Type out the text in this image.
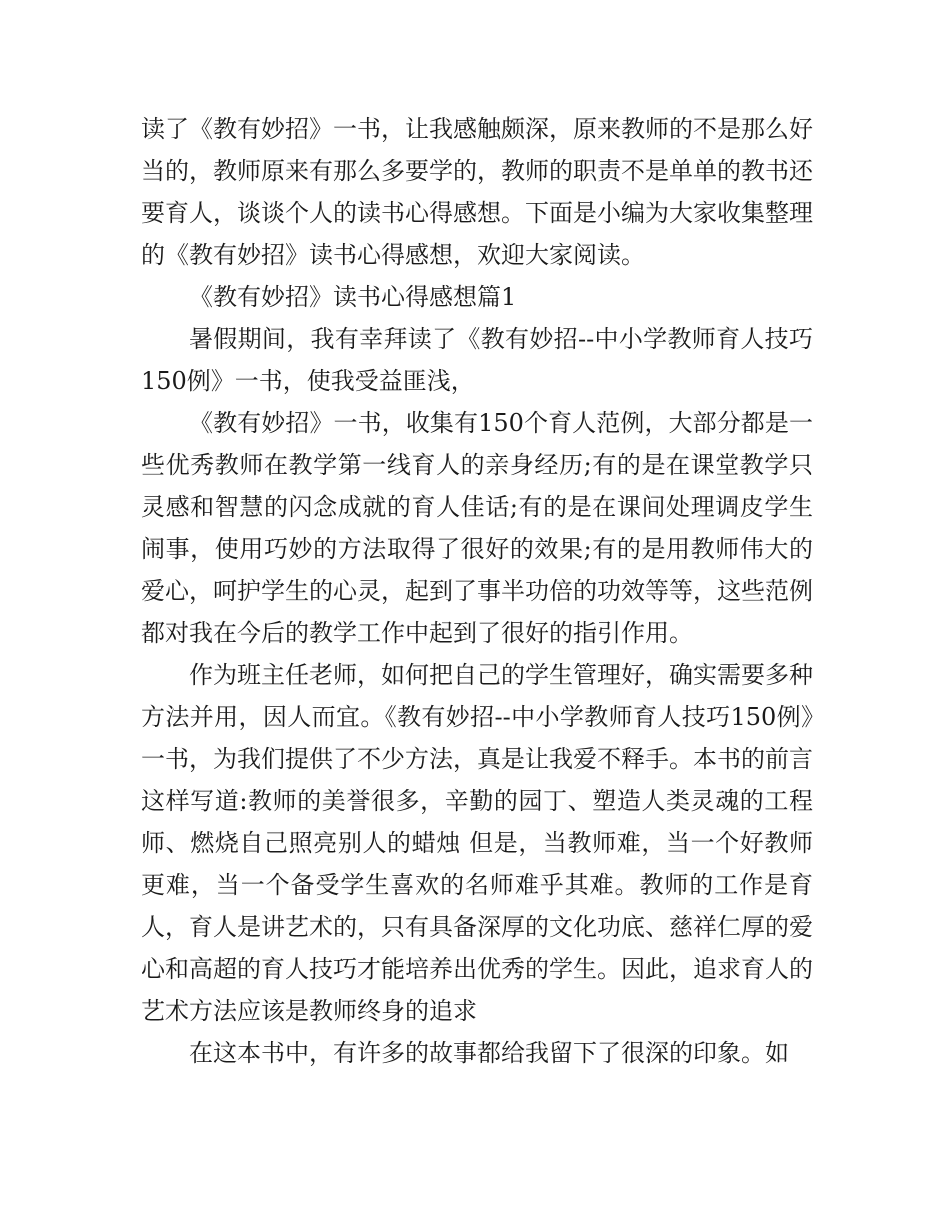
读了《教有妙招》一书，让我感触颇深，原来教师的不是那么好当的，教师原来有那么多要学的，教师的职责不是单单的教书还要育人，谈谈个人的读书心得感想。下面是小编为大家收集整理的《教有妙招》读书心得感想，欢迎大家阅读。

《教有妙招》读书心得感想篇1

暑假期间，我有幸拜读了《教有妙招--中小学教师育人技巧150例》一书，使我受益匪浅，

《教有妙招》一书，收集有150个育人范例，大部分都是一些优秀教师在教学第一线育人的亲身经历;有的是在课堂教学只灵感和智慧的闪念成就的育人佳话;有的是在课间处理调皮学生闹事，使用巧妙的方法取得了很好的效果;有的是用教师伟大的爱心，呵护学生的心灵，起到了事半功倍的功效等等，这些范例都对我在今后的教学工作中起到了很好的指引作用。

作为班主任老师，如何把自己的学生管理好，确实需要多种方法并用，因人而宜。《教有妙招--中小学教师育人技巧150例》一书，为我们提供了不少方法，真是让我爱不释手。本书的前言这样写道:教师的美誉很多，辛勤的园丁、塑造人类灵魂的工程师、燃烧自己照亮别人的蜡烛 但是，当教师难，当一个好教师更难，当一个备受学生喜欢的名师难乎其难。教师的工作是育人，育人是讲艺术的，只有具备深厚的文化功底、慈祥仁厚的爱心和高超的育人技巧才能培养出优秀的学生。因此，追求育人的艺术方法应该是教师终身的追求

在这本书中，有许多的故事都给我留下了很深的印象。如
